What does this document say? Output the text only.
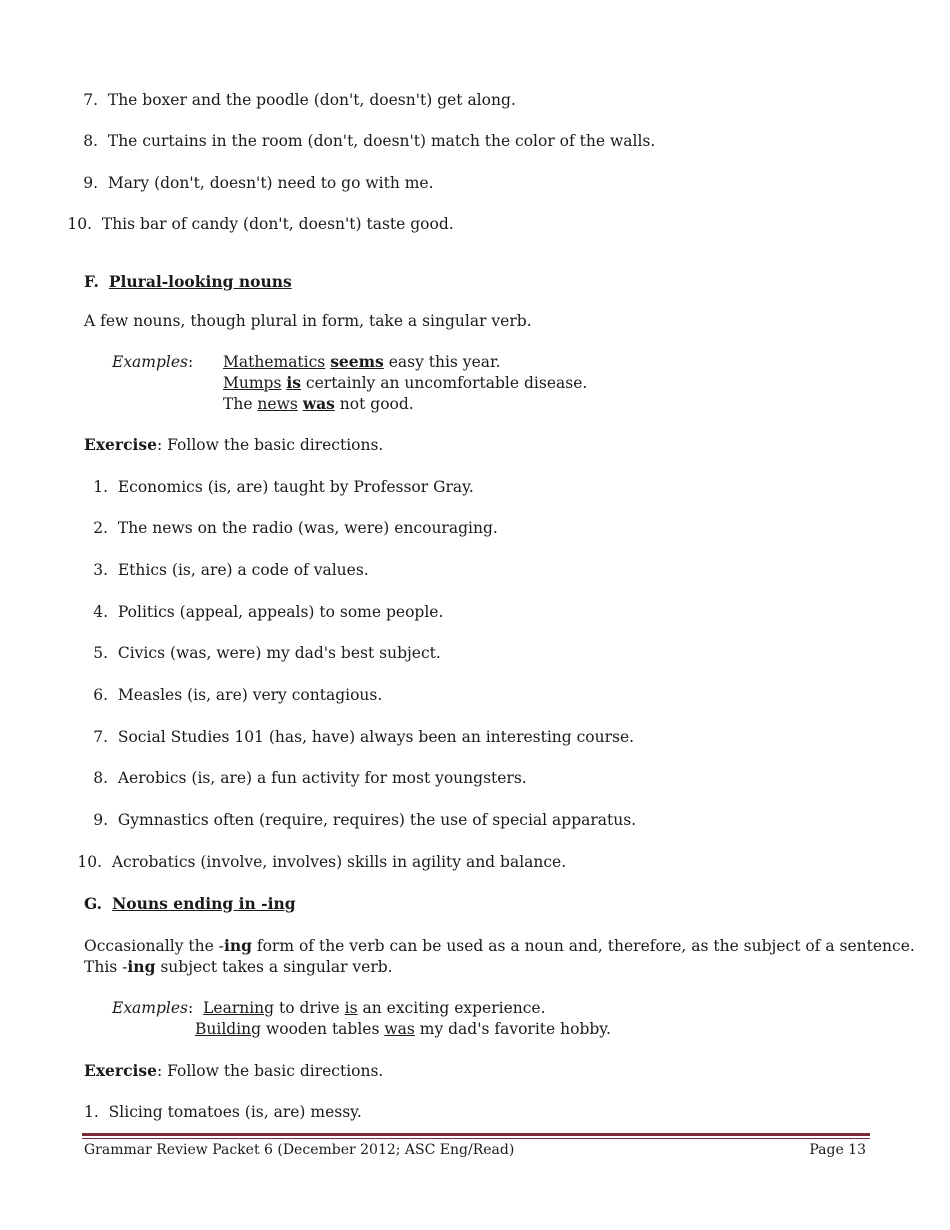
7. The boxer and the poodle (don't, doesn't) get along.
8. The curtains in the room (don't, doesn't) match the color of the walls.
9. Mary (don't, doesn't) need to go with me.
10. This bar of candy (don't, doesn't) taste good.
F. Plural-looking nouns
A few nouns, though plural in form, take a singular verb.
Examples: Mathematics seems easy this year.
Mumps is certainly an uncomfortable disease.
The news was not good.
Exercise: Follow the basic directions.
1. Economics (is, are) taught by Professor Gray.
2. The news on the radio (was, were) encouraging.
3. Ethics (is, are) a code of values.
4. Politics (appeal, appeals) to some people.
5. Civics (was, were) my dad's best subject.
6. Measles (is, are) very contagious.
7. Social Studies 101 (has, have) always been an interesting course.
8. Aerobics (is, are) a fun activity for most youngsters.
9. Gymnastics often (require, requires) the use of special apparatus.
10. Acrobatics (involve, involves) skills in agility and balance.
G. Nouns ending in -ing
Occasionally the -ing form of the verb can be used as a noun and, therefore, as the subject of a sentence.
This -ing subject takes a singular verb.
Examples: Learning to drive is an exciting experience.
Building wooden tables was my dad's favorite hobby.
Exercise: Follow the basic directions.
1. Slicing tomatoes (is, are) messy.
Grammar Review Packet 6 (December 2012; ASC Eng/Read)	Page 13
